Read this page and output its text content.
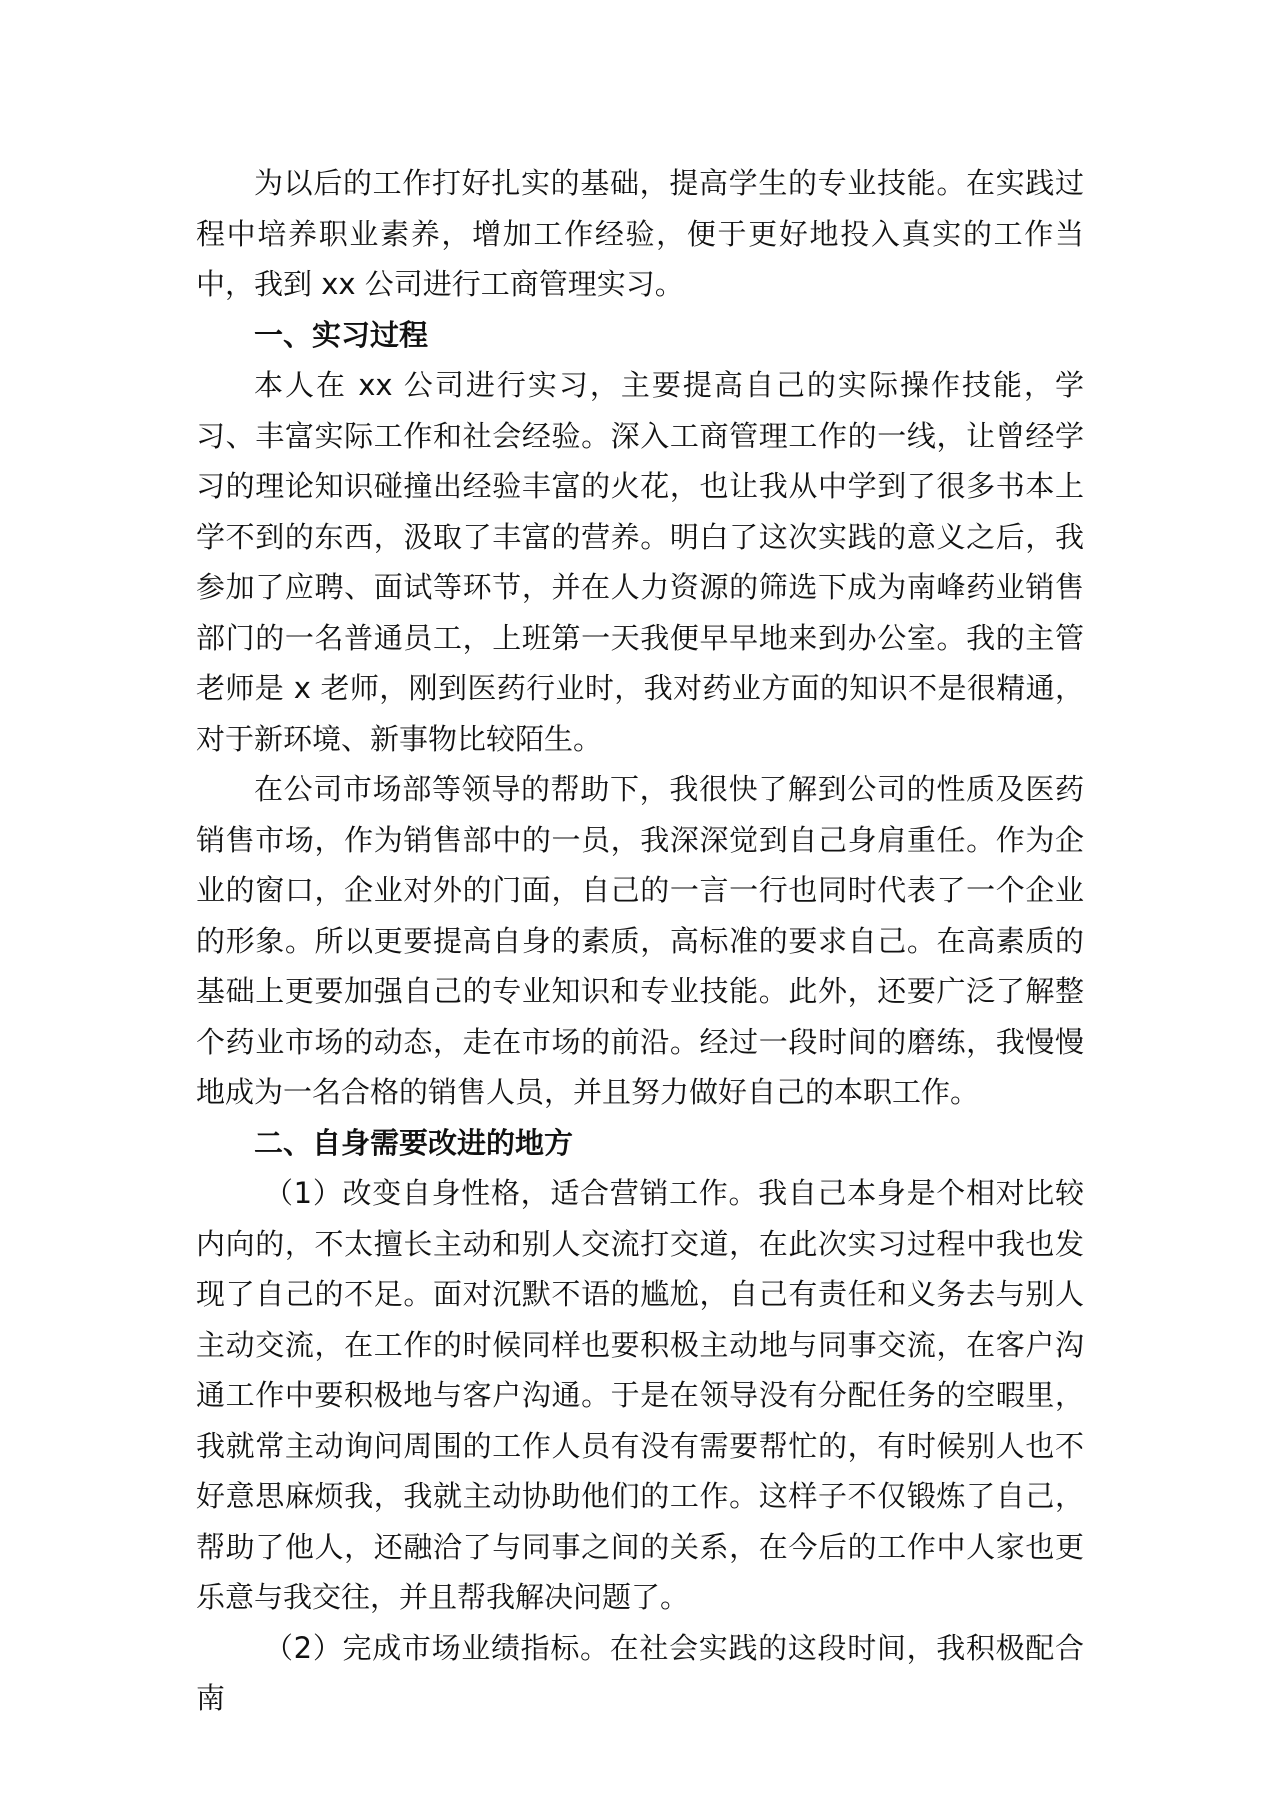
为以后的工作打好扎实的基础，提高学生的专业技能。在实践过程中培养职业素养，增加工作经验，便于更好地投入真实的工作当中，我到 xx 公司进行工商管理实习。

一、实习过程

本人在 xx 公司进行实习，主要提高自己的实际操作技能，学习、丰富实际工作和社会经验。深入工商管理工作的一线，让曾经学习的理论知识碰撞出经验丰富的火花，也让我从中学到了很多书本上学不到的东西，汲取了丰富的营养。明白了这次实践的意义之后，我参加了应聘、面试等环节，并在人力资源的筛选下成为南峰药业销售部门的一名普通员工，上班第一天我便早早地来到办公室。我的主管老师是 x 老师，刚到医药行业时，我对药业方面的知识不是很精通，对于新环境、新事物比较陌生。

在公司市场部等领导的帮助下，我很快了解到公司的性质及医药销售市场，作为销售部中的一员，我深深觉到自己身肩重任。作为企业的窗口，企业对外的门面，自己的一言一行也同时代表了一个企业的形象。所以更要提高自身的素质，高标准的要求自己。在高素质的基础上更要加强自己的专业知识和专业技能。此外，还要广泛了解整个药业市场的动态，走在市场的前沿。经过一段时间的磨练，我慢慢地成为一名合格的销售人员，并且努力做好自己的本职工作。

二、自身需要改进的地方

（1）改变自身性格，适合营销工作。我自己本身是个相对比较内向的，不太擅长主动和别人交流打交道，在此次实习过程中我也发现了自己的不足。面对沉默不语的尴尬，自己有责任和义务去与别人主动交流，在工作的时候同样也要积极主动地与同事交流，在客户沟通工作中要积极地与客户沟通。于是在领导没有分配任务的空暇里，我就常主动询问周围的工作人员有没有需要帮忙的，有时候别人也不好意思麻烦我，我就主动协助他们的工作。这样子不仅锻炼了自己，帮助了他人，还融洽了与同事之间的关系，在今后的工作中人家也更乐意与我交往，并且帮我解决问题了。

（2）完成市场业绩指标。在社会实践的这段时间，我积极配合南
